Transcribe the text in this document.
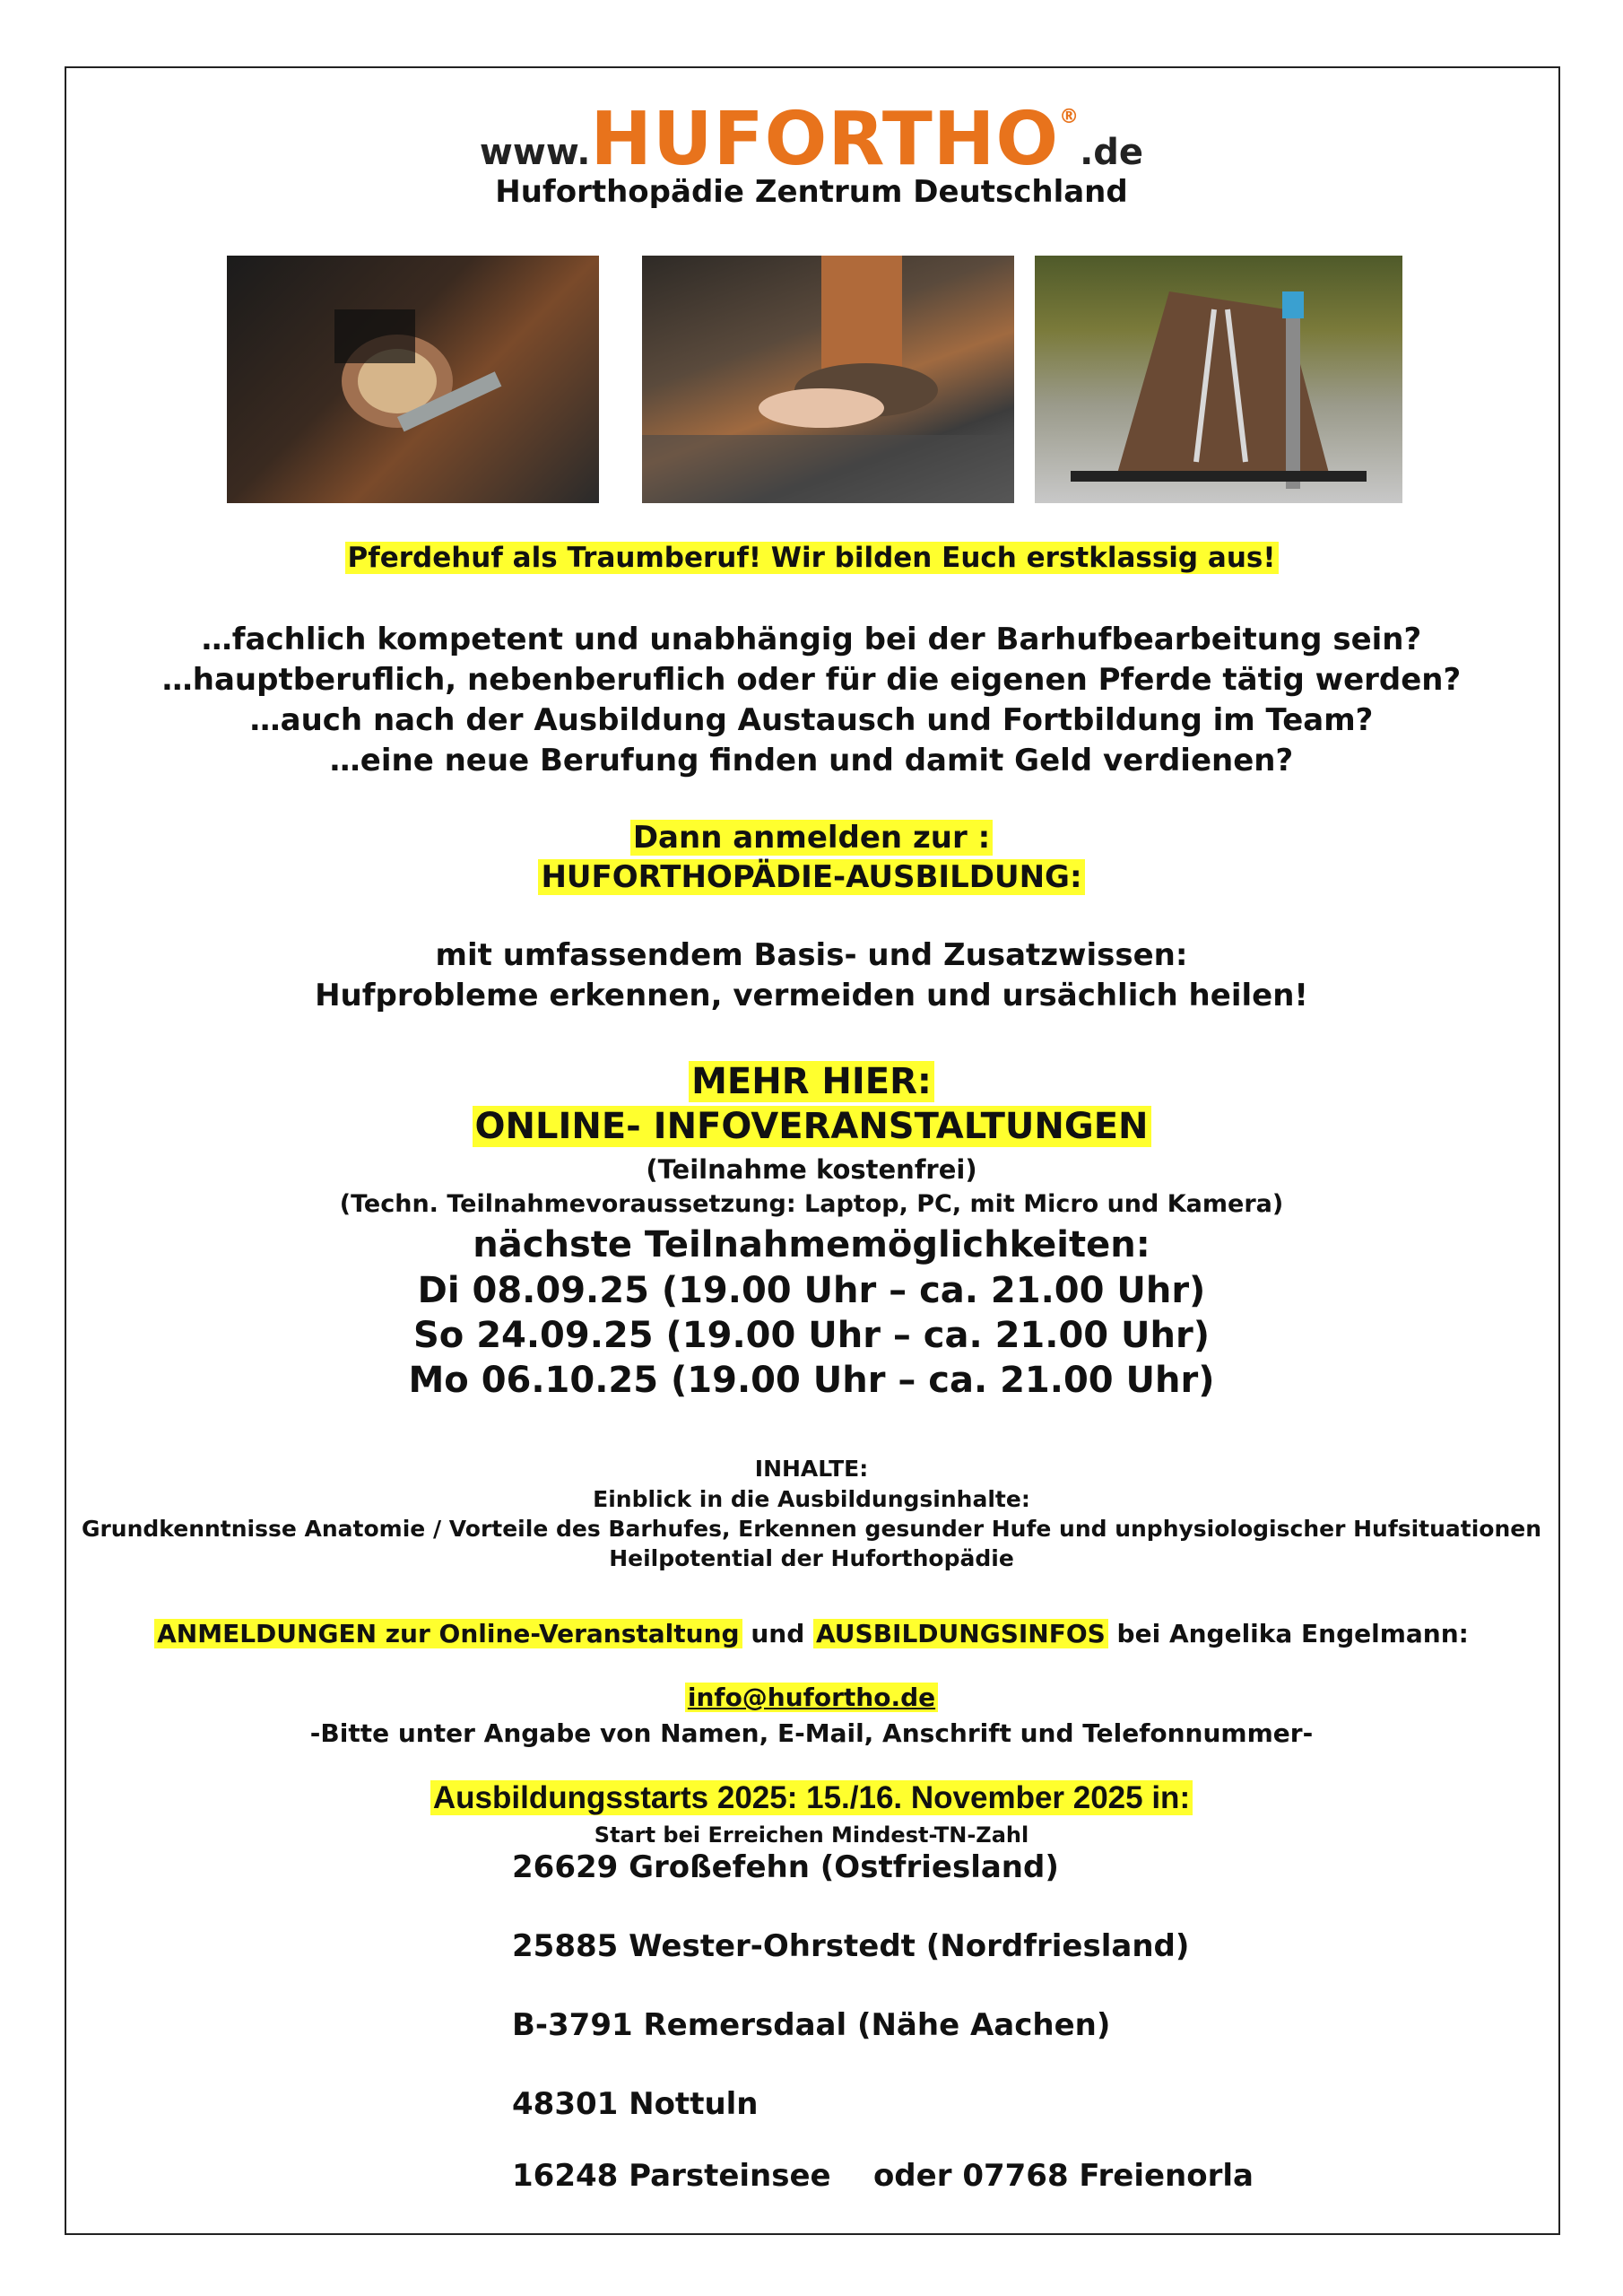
www.HUFORTHO®.de
Huforthopädie Zentrum Deutschland
Pferdehuf als Traumberuf! Wir bilden Euch erstklassig aus!
…fachlich kompetent und unabhängig bei der Barhufbearbeitung sein?
…hauptberuflich, nebenberuflich oder für die eigenen Pferde tätig werden?
…auch nach der Ausbildung Austausch und Fortbildung im Team?
…eine neue Berufung finden und damit Geld verdienen?
Dann anmelden zur :
HUFORTHOPÄDIE-AUSBILDUNG:
mit umfassendem Basis- und Zusatzwissen:
Hufprobleme erkennen, vermeiden und ursächlich heilen!
MEHR HIER:
ONLINE- INFOVERANSTALTUNGEN
(Teilnahme kostenfrei)
(Techn. Teilnahmevoraussetzung: Laptop, PC, mit Micro und Kamera)
nächste Teilnahmemöglichkeiten:
Di 08.09.25 (19.00 Uhr – ca. 21.00 Uhr)
So 24.09.25 (19.00 Uhr – ca. 21.00 Uhr)
Mo 06.10.25 (19.00 Uhr – ca. 21.00 Uhr)
INHALTE:
Einblick in die Ausbildungsinhalte:
Grundkenntnisse Anatomie / Vorteile des Barhufes, Erkennen gesunder Hufe und unphysiologischer Hufsituationen
Heilpotential der Huforthopädie
ANMELDUNGEN zur Online-Veranstaltung und AUSBILDUNGSINFOS bei Angelika Engelmann:
info@hufortho.de
-Bitte unter Angabe von Namen, E-Mail, Anschrift und Telefonnummer-
Ausbildungsstarts 2025: 15./16. November 2025 in:
Start bei Erreichen Mindest-TN-Zahl
26629 Großefehn (Ostfriesland)
25885 Wester-Ohrstedt (Nordfriesland)
B-3791 Remersdaal (Nähe Aachen)
48301 Nottuln
16248 Parsteinsee    oder 07768 Freienorla
